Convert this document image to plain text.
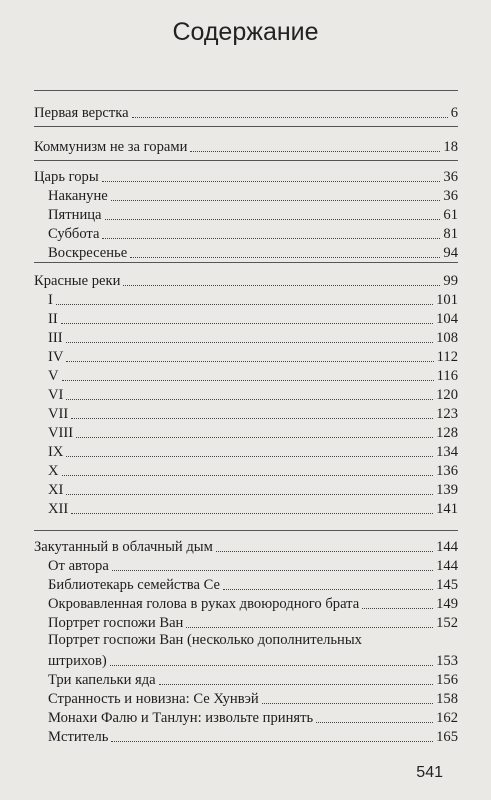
Содержание
Первая верстка	6
Коммунизм не за горами	18
Царь горы	36
Накануне	36
Пятница	61
Суббота	81
Воскресенье	94
Красные реки	99
I	101
II	104
III	108
IV	112
V	116
VI	120
VII	123
VIII	128
IX	134
X	136
XI	139
XII	141
Закутанный в облачный дым	144
От автора	144
Библиотекарь семейства Се	145
Окровавленная голова в руках двоюродного брата	149
Портрет госпожи Ван	152
Портрет госпожи Ван (несколько дополнительных
штрихов)	153
Три капельки яда	156
Странность и новизна: Се Хунвэй	158
Монахи Фалю и Танлун: извольте принять	162
Мститель	165
541
